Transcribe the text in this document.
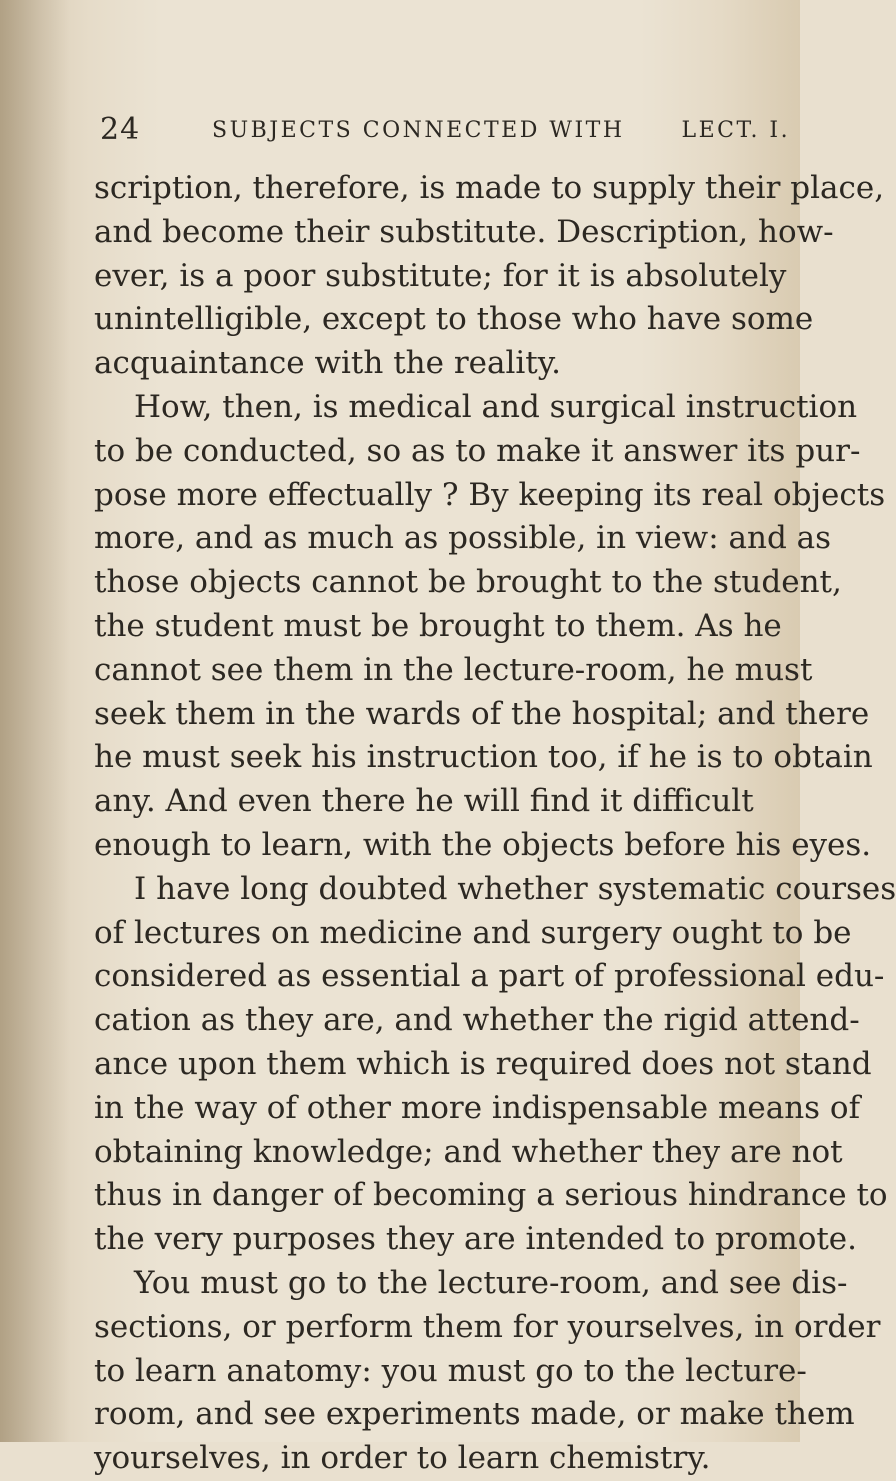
24	SUBJECTS CONNECTED WITH	LECT. I.
scription, therefore, is made to supply their place,
and become their substitute. Description, how-
ever, is a poor substitute; for it is absolutely
unintelligible, except to those who have some
acquaintance with the reality.
How, then, is medical and surgical instruction
to be conducted, so as to make it answer its pur-
pose more effectually ? By keeping its real objects
more, and as much as possible, in view: and as
those objects cannot be brought to the student,
the student must be brought to them. As he
cannot see them in the lecture-room, he must
seek them in the wards of the hospital; and there
he must seek his instruction too, if he is to obtain
any. And even there he will find it difficult
enough to learn, with the objects before his eyes.
I have long doubted whether systematic courses
of lectures on medicine and surgery ought to be
considered as essential a part of professional edu-
cation as they are, and whether the rigid attend-
ance upon them which is required does not stand
in the way of other more indispensable means of
obtaining knowledge; and whether they are not
thus in danger of becoming a serious hindrance to
the very purposes they are intended to promote.
You must go to the lecture-room, and see dis-
sections, or perform them for yourselves, in order
to learn anatomy: you must go to the lecture-
room, and see experiments made, or make them
yourselves, in order to learn chemistry.
